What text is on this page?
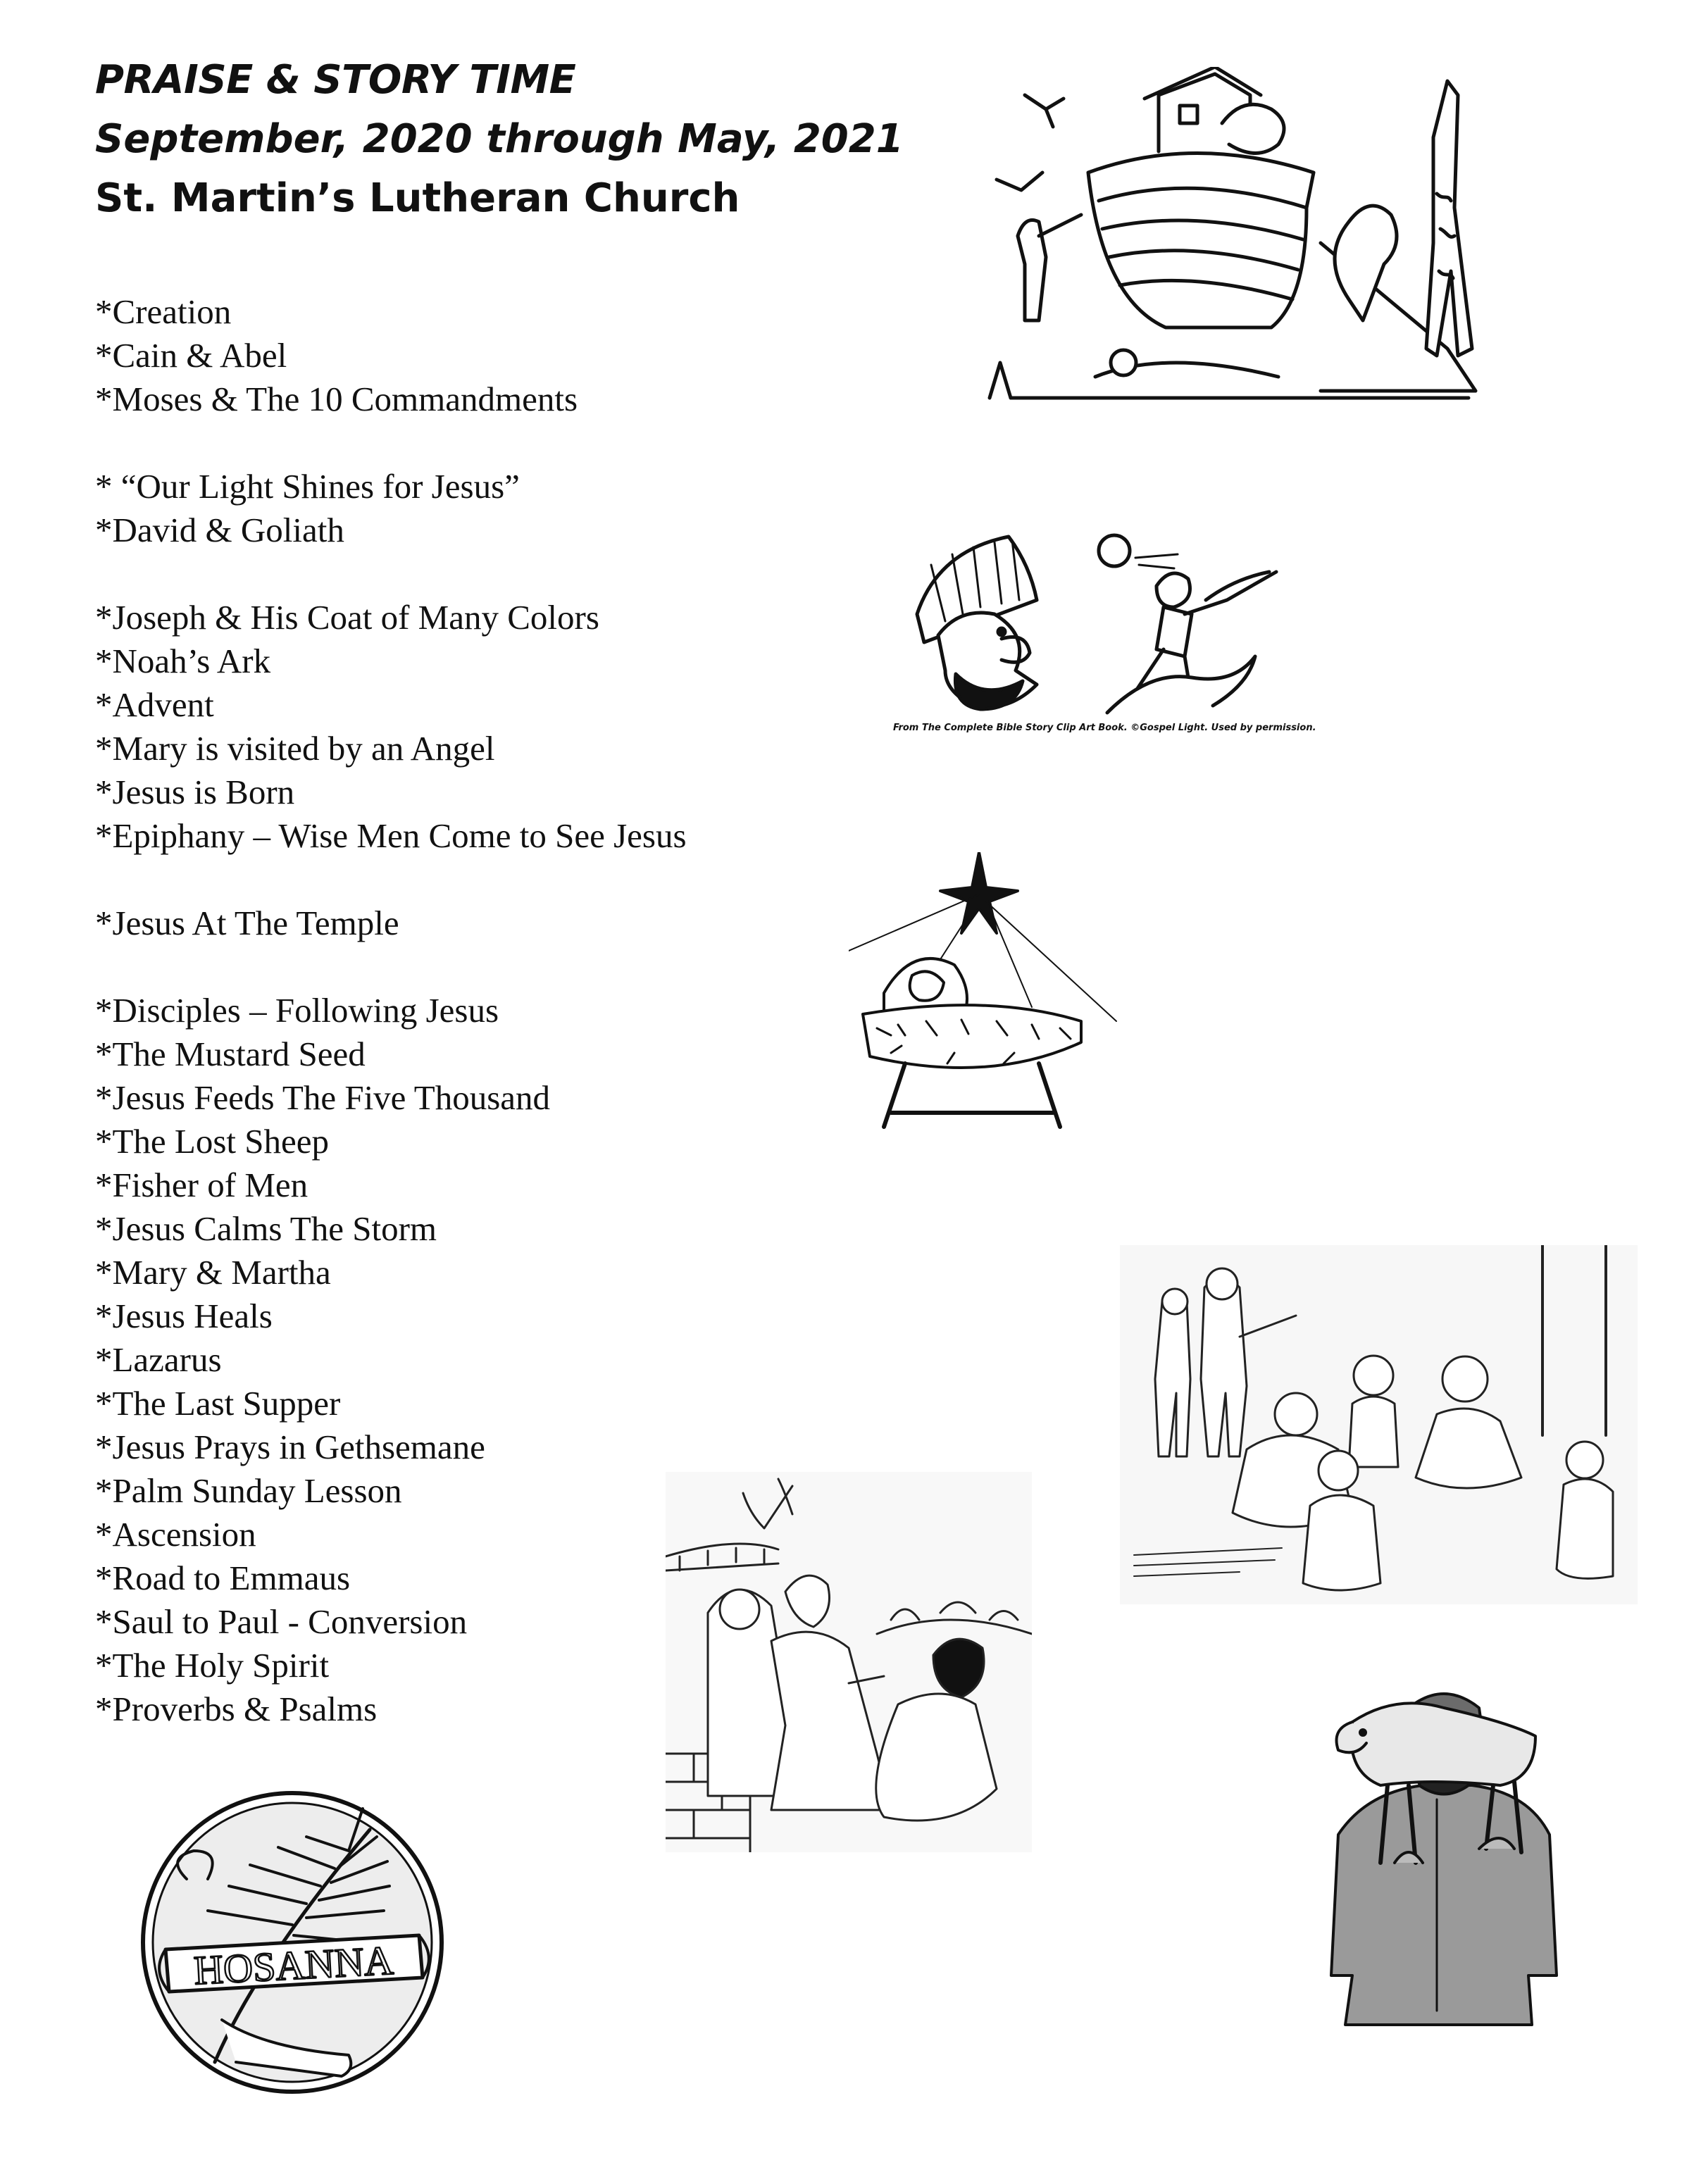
PRAISE & STORY TIME
September, 2020 through May, 2021
St. Martin’s Lutheran Church
*Creation
*Cain & Abel
*Moses & The 10 Commandments
* “Our Light Shines for Jesus”
*David & Goliath
*Joseph & His Coat of Many Colors
*Noah’s Ark
*Advent
*Mary is visited by an Angel
*Jesus is Born
*Epiphany – Wise Men Come to See Jesus
*Jesus At The Temple
*Disciples – Following Jesus
*The Mustard Seed
*Jesus Feeds The Five Thousand
*The Lost Sheep
*Fisher of Men
*Jesus Calms The Storm
*Mary & Martha
*Jesus Heals
*Lazarus
*The Last Supper
*Jesus Prays in Gethsemane
*Palm Sunday Lesson
*Ascension
*Road to Emmaus
*Saul to Paul - Conversion
*The Holy Spirit
*Proverbs & Psalms
From The Complete Bible Story Clip Art Book. ©Gospel Light. Used by permission.
HOSANNA
